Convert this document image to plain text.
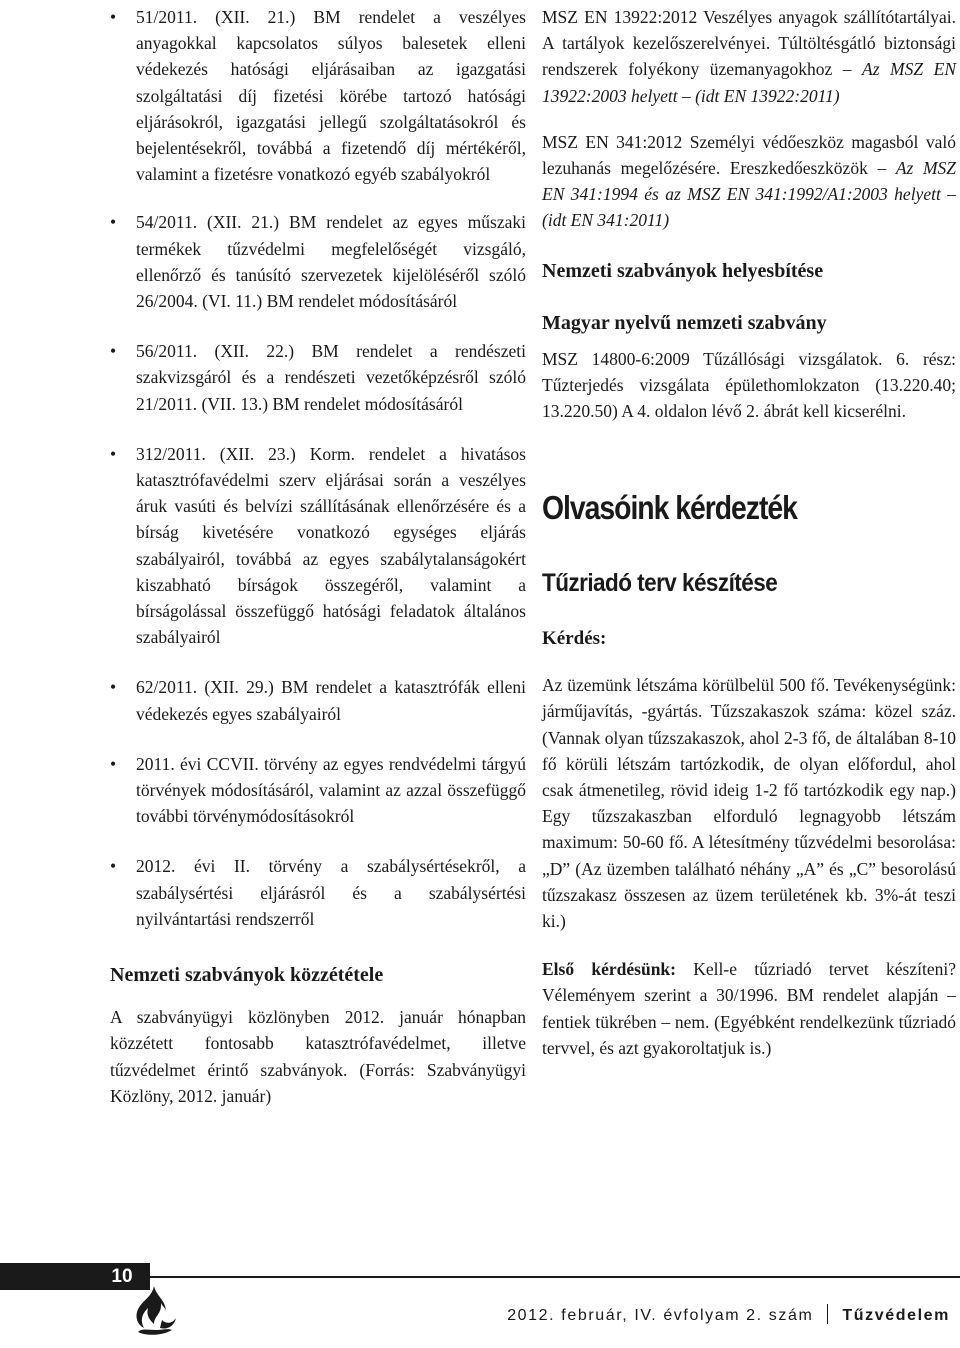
• 51/2011. (XII. 21.) BM rendelet a veszélyes anyagokkal kapcsolatos súlyos balesetek elleni védekezés hatósági eljárásaiban az igazgatási szolgáltatási díj fizetési körébe tartozó hatósági eljárásokról, igazgatási jellegű szolgáltatásokról és bejelentésekről, továbbá a fizetendő díj mértékéről, valamint a fizetésre vonatkozó egyéb szabályokról

• 54/2011. (XII. 21.) BM rendelet az egyes műszaki termékek tűzvédelmi megfelelőségét vizsgáló, ellenőrző és tanúsító szervezetek kijelöléséről szóló 26/2004. (VI. 11.) BM rendelet módosításáról

• 56/2011. (XII. 22.) BM rendelet a rendészeti szakvizsgáról és a rendészeti vezetőképzésről szóló 21/2011. (VII. 13.) BM rendelet módosításáról

• 312/2011. (XII. 23.) Korm. rendelet a hivatásos katasztrófavédelmi szerv eljárásai során a veszélyes áruk vasúti és belvízi szállításának ellenőrzésére és a bírság kivetésére vonatkozó egységes eljárás szabályairól, továbbá az egyes szabálytalanságokért kiszabható bírságok összegéről, valamint a bírságolással összefüggő hatósági feladatok általános szabályairól

• 62/2011. (XII. 29.) BM rendelet a katasztrófák elleni védekezés egyes szabályairól

• 2011. évi CCVII. törvény az egyes rendvédelmi tárgyú törvények módosításáról, valamint az azzal összefüggő további törvénymódosításokról

• 2012. évi II. törvény a szabálysértésekről, a szabálysértési eljárásról és a szabálysértési nyilvántartási rendszerről

Nemzeti szabványok közzététele

A szabványügyi közlönyben 2012. január hónapban közzétett fontosabb katasztrófavédelmet, illetve tűzvédelmet érintő szabványok. (Forrás: Szabványügyi Közlöny, 2012. január)

MSZ EN 13922:2012 Veszélyes anyagok szállítótartályai. A tartályok kezelőszerelvényei. Túltöltésgátló biztonsági rendszerek folyékony üzemanyagokhoz – Az MSZ EN 13922:2003 helyett – (idt EN 13922:2011)

MSZ EN 341:2012 Személyi védőeszköz magasból való lezuhanás megelőzésére. Ereszkedőeszközök – Az MSZ EN 341:1994 és az MSZ EN 341:1992/A1:2003 helyett – (idt EN 341:2011)

Nemzeti szabványok helyesbítése
Magyar nyelvű nemzeti szabvány

MSZ 14800-6:2009 Tűzállósági vizsgálatok. 6. rész: Tűzterjedés vizsgálata épülethomlokzaton (13.220.40; 13.220.50) A 4. oldalon lévő 2. ábrát kell kicserélni.

Olvasóink kérdezték
Tűzriadó terv készítése
Kérdés:

Az üzemünk létszáma körülbelül 500 fő. Tevékenységünk: járműjavítás, -gyártás. Tűzszakaszok száma: közel száz. (Vannak olyan tűzszakaszok, ahol 2-3 fő, de általában 8-10 fő körüli létszám tartózkodik, de olyan előfordul, ahol csak átmenetileg, rövid ideig 1-2 fő tartózkodik egy nap.) Egy tűzszakaszban elforduló legnagyobb létszám maximum: 50-60 fő. A létesítmény tűzvédelmi besorolása: „D” (Az üzemben található néhány „A” és „C” besorolású tűzszakasz összesen az üzem területének kb. 3%-át teszi ki.)

Első kérdésünk: Kell-e tűzriadó tervet készíteni? Véleményem szerint a 30/1996. BM rendelet alapján – fentiek tükrében – nem. (Egyébként rendelkezünk tűzriadó tervvel, és azt gyakoroltatjuk is.)

10
2012. február, IV. évfolyam 2. szám Tűzvédelem
